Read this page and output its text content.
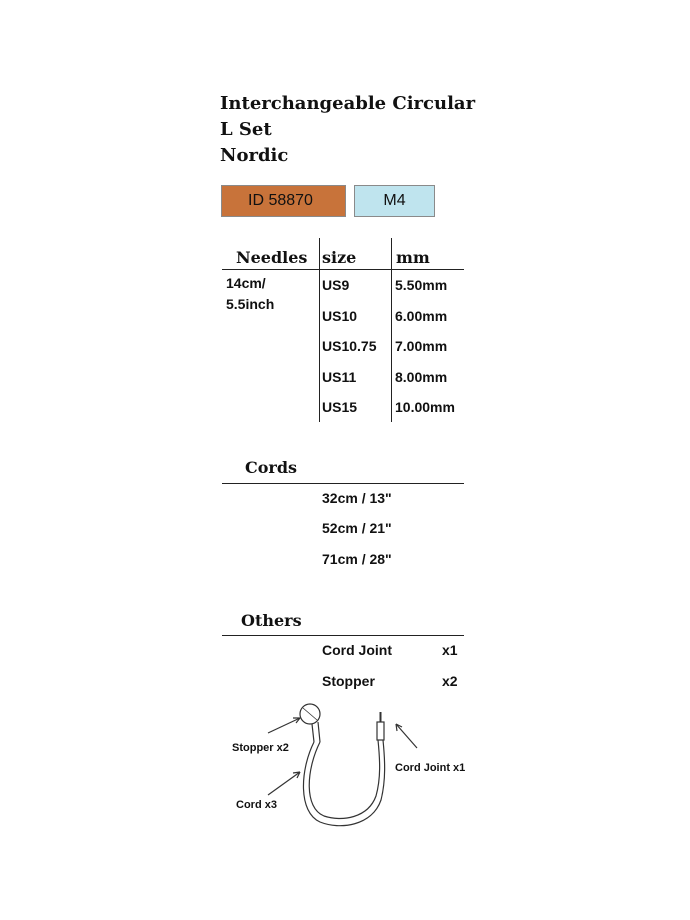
Interchangeable Circular
L Set
Nordic
ID 58870	M4
Needles size mm
14cm/
5.5inch
US9	5.50mm
US10	6.00mm
US10.75 7.00mm
US11	8.00mm
US15	10.00mm
Cords
32cm / 13"
52cm / 21"
71cm / 28"
Others
Cord Joint	x1
Stopper	x2
Stopper x2
Cord Joint x1
Cord x3
